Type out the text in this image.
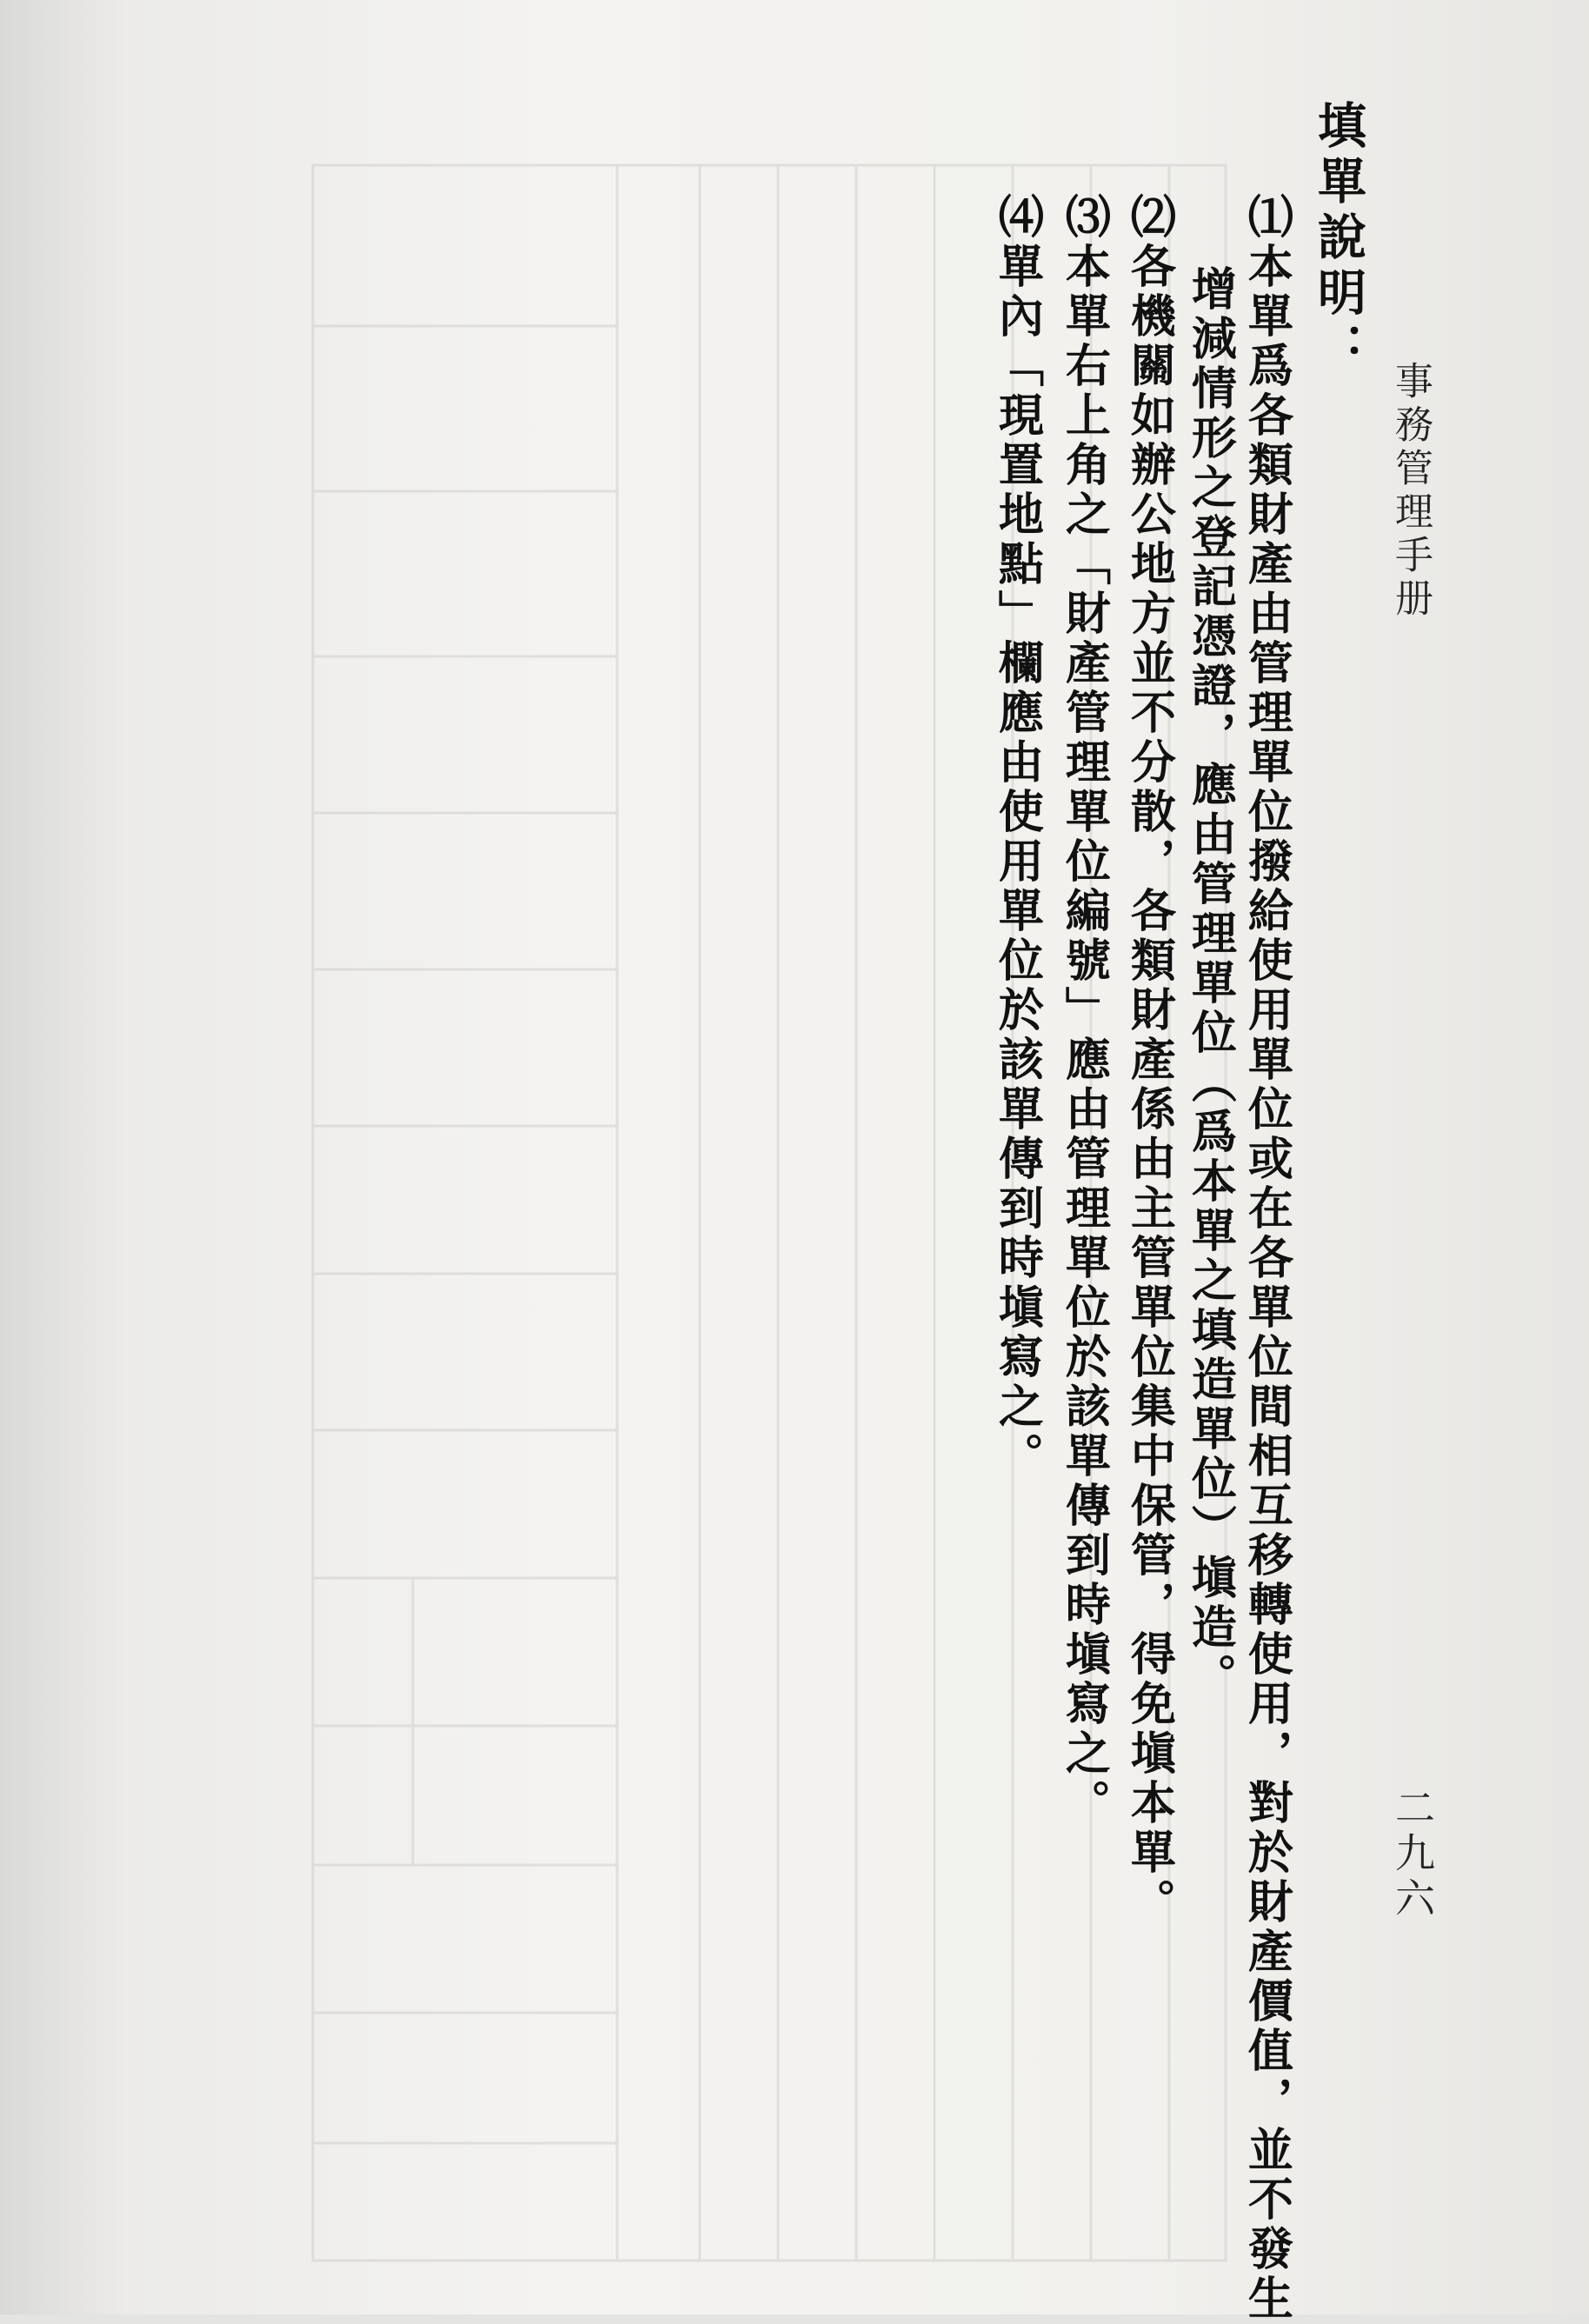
事務管理手册
二九六
填單說明：
⑴本單爲各類財產由管理單位撥給使用單位或在各單位間相互移轉使用，對於財產價值，並不發生
增減情形之登記憑證，應由管理單位（爲本單之填造單位）塡造。
⑵各機關如辦公地方並不分散，各類財產係由主管單位集中保管，得免塡本單。
⑶本單右上角之「財產管理單位編號」應由管理單位於該單傳到時塡寫之。
⑷單內「現置地點」欄應由使用單位於該單傳到時塡寫之。
